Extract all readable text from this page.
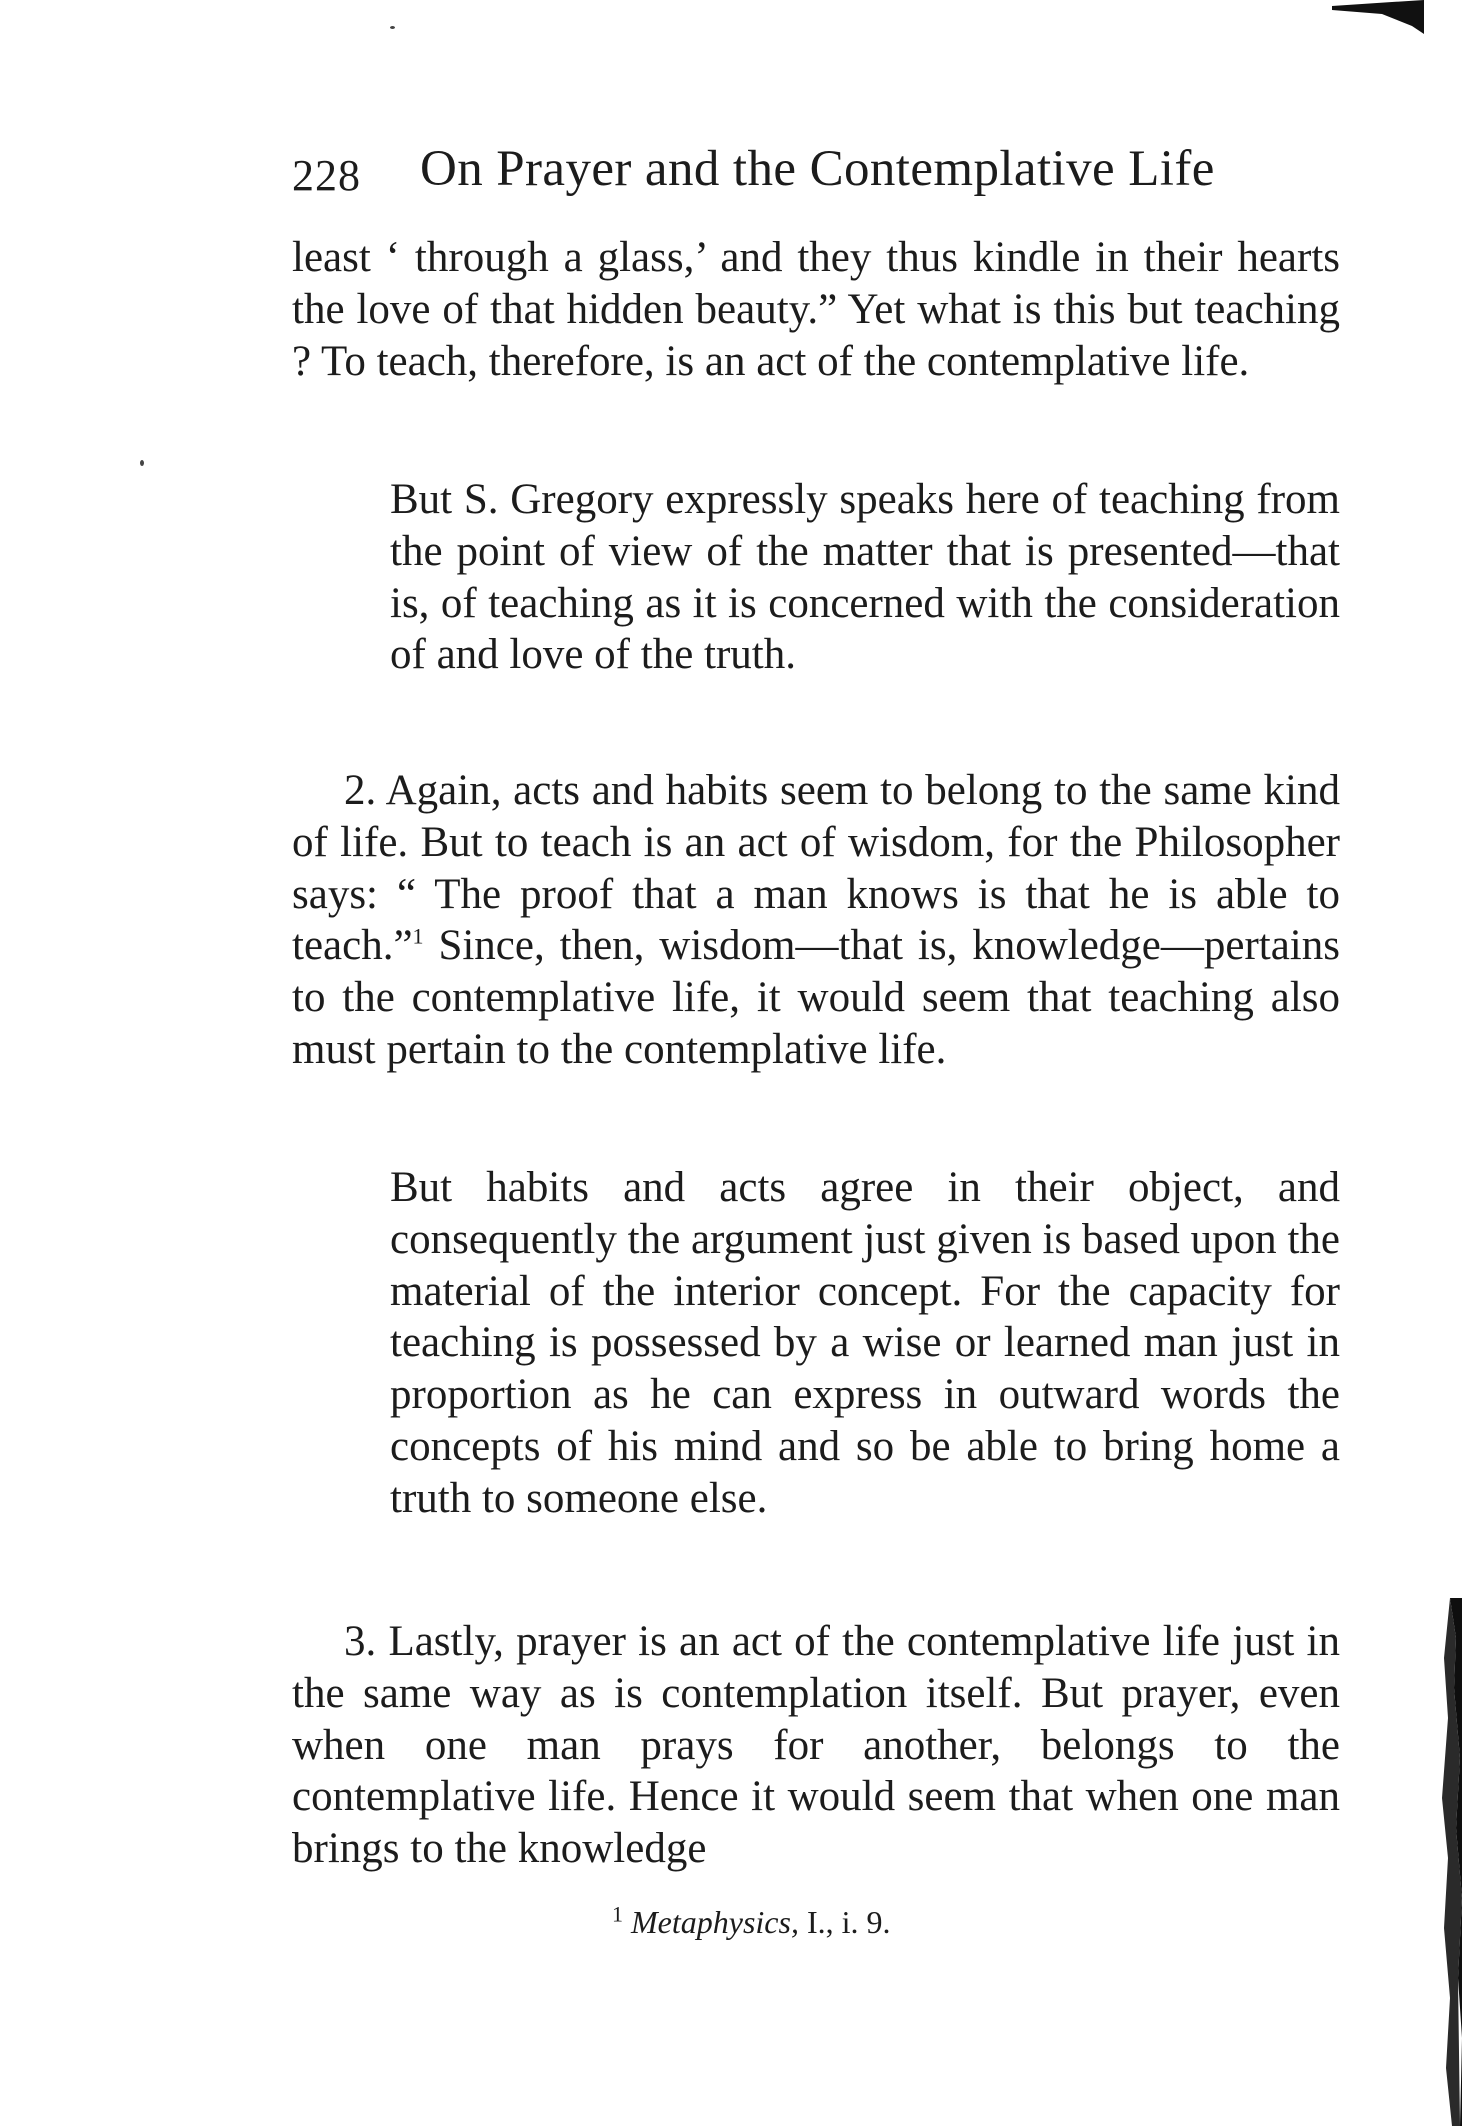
228 On Prayer and the Contemplative Life
least ‘ through a glass,’ and they thus kindle in their hearts the love of that hidden beauty.” Yet what is this but teaching ? To teach, therefore, is an act of the contemplative life.
But S. Gregory expressly speaks here of teaching from the point of view of the matter that is presented—that is, of teaching as it is concerned with the consideration of and love of the truth.
2. Again, acts and habits seem to belong to the same kind of life. But to teach is an act of wisdom, for the Philosopher says: “ The proof that a man knows is that he is able to teach.”$^1$ Since, then, wisdom—that is, knowledge—pertains to the contemplative life, it would seem that teaching also must pertain to the contemplative life.
But habits and acts agree in their object, and consequently the argument just given is based upon the material of the interior concept. For the capacity for teaching is possessed by a wise or learned man just in proportion as he can express in outward words the concepts of his mind and so be able to bring home a truth to someone else.
3. Lastly, prayer is an act of the contemplative life just in the same way as is contemplation itself. But prayer, even when one man prays for another, belongs to the contemplative life. Hence it would seem that when one man brings to the knowledge
$^1$ Metaphysics, I., i. 9.
